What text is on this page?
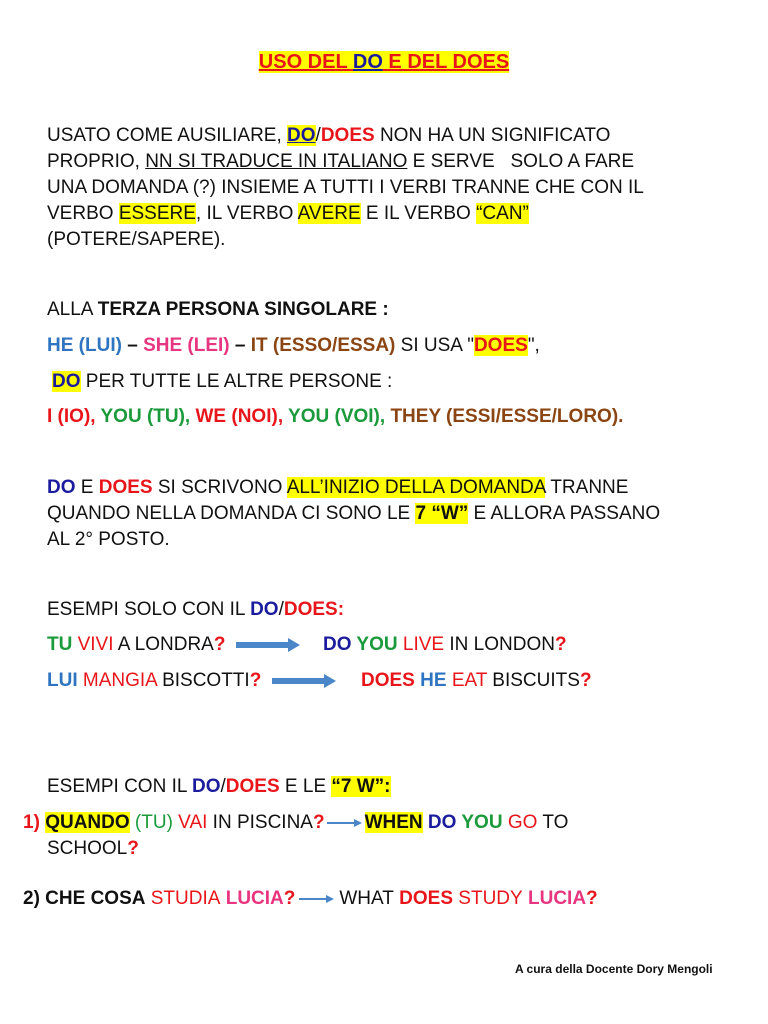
USO DEL DO E DEL DOES
USATO COME AUSILIARE, DO/DOES NON HA UN SIGNIFICATO
PROPRIO, NN SI TRADUCE IN ITALIANO E SERVE   SOLO A FARE
UNA DOMANDA (?) INSIEME A TUTTI I VERBI TRANNE CHE CON IL
VERBO ESSERE, IL VERBO AVERE E IL VERBO “CAN”
(POTERE/SAPERE).
ALLA TERZA PERSONA SINGOLARE :
HE (LUI) – SHE (LEI) – IT (ESSO/ESSA) SI USA "DOES",
DO PER TUTTE LE ALTRE PERSONE :
I (IO), YOU (TU), WE (NOI), YOU (VOI), THEY (ESSI/ESSE/LORO).
DO E DOES SI SCRIVONO ALL’INIZIO DELLA DOMANDA TRANNE
QUANDO NELLA DOMANDA CI SONO LE 7 “W” E ALLORA PASSANO
AL 2° POSTO.
ESEMPI SOLO CON IL DO/DOES:
TU VIVI A LONDRA?	DO YOU LIVE IN LONDON?
LUI MANGIA BISCOTTI?	DOES HE EAT BISCUITS?
ESEMPI CON IL DO/DOES E LE “7 W”:
1) QUANDO (TU) VAI IN PISCINA? WHEN DO YOU GO TO
SCHOOL?
2) CHE COSA STUDIA LUCIA? WHAT DOES STUDY LUCIA?
A cura della Docente Dory Mengoli
